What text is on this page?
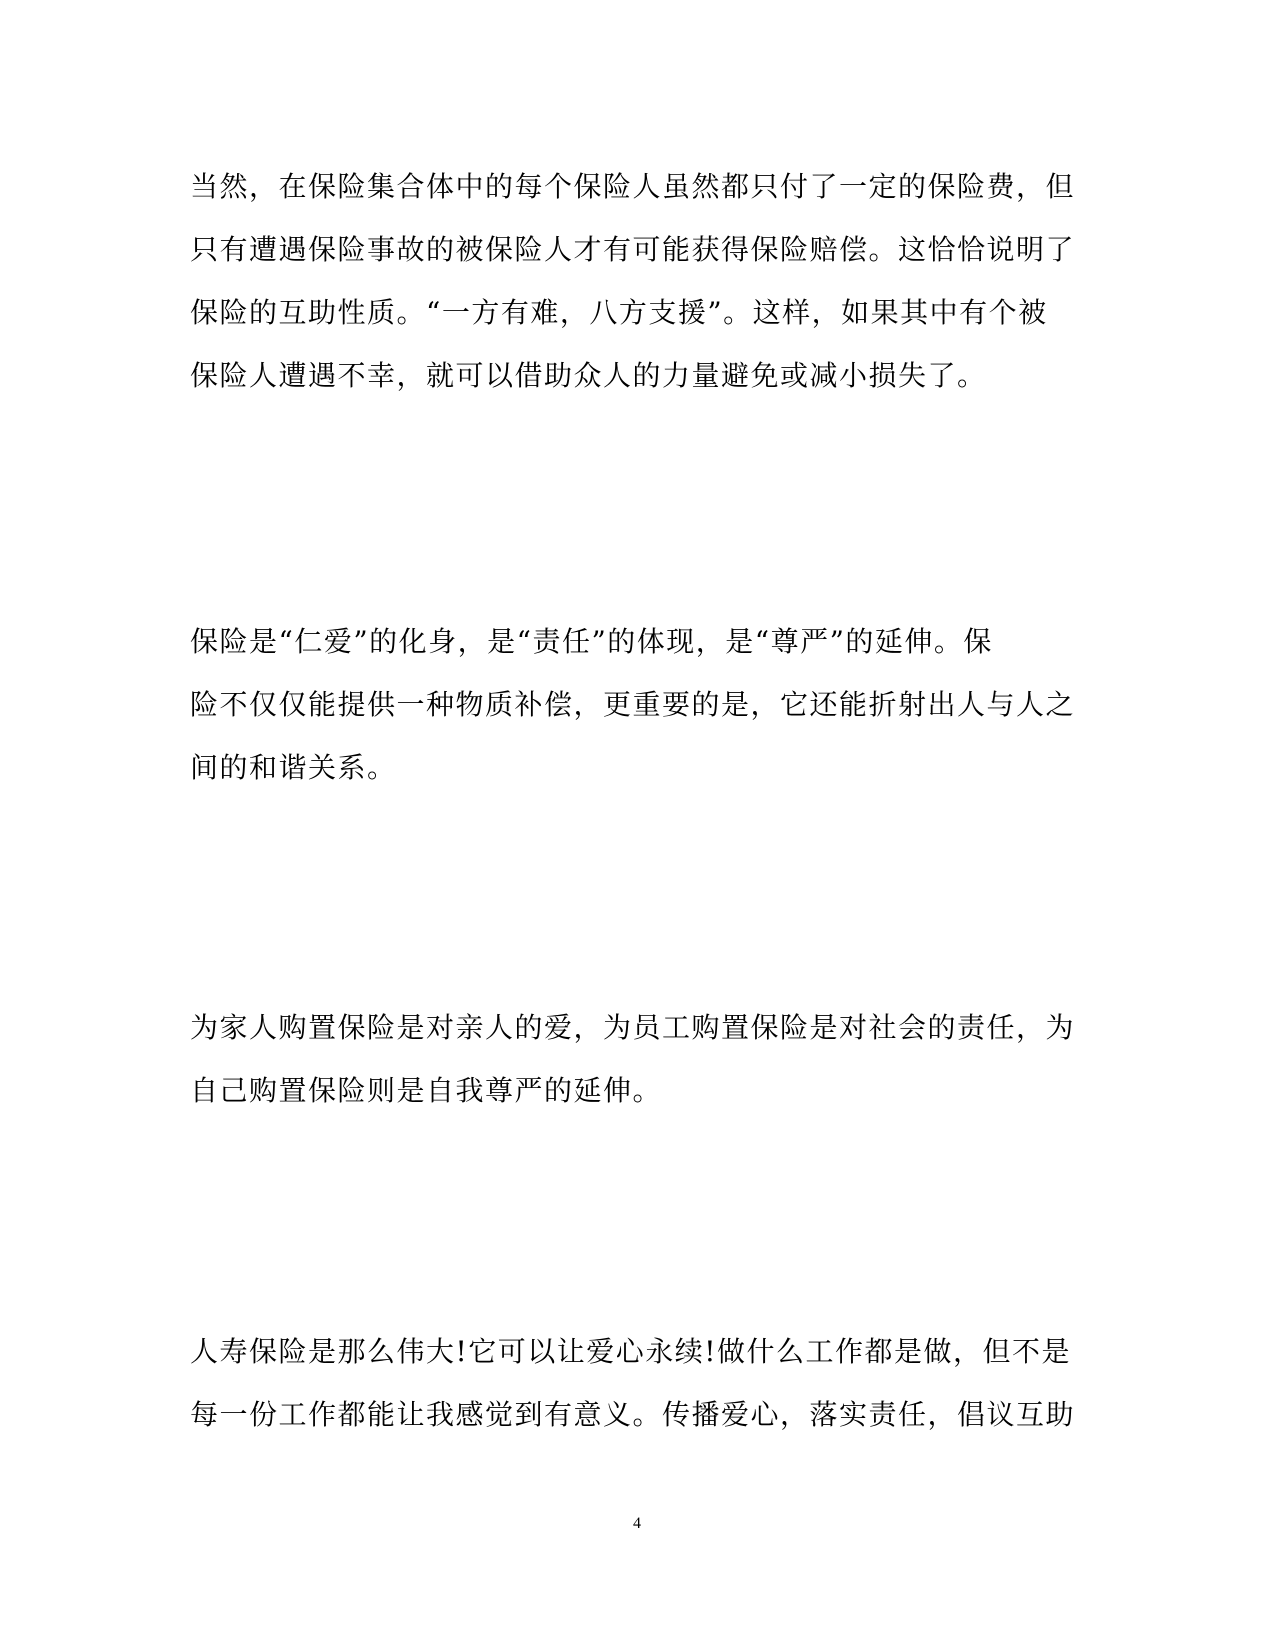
当然，在保险集合体中的每个保险人虽然都只付了一定的保险费，但
只有遭遇保险事故的被保险人才有可能获得保险赔偿。这恰恰说明了
保险的互助性质。“一方有难，八方支援”。这样，如果其中有个被
保险人遭遇不幸，就可以借助众人的力量避免或减小损失了。

保险是“仁爱”的化身，是“责任”的体现，是“尊严”的延伸。保
险不仅仅能提供一种物质补偿，更重要的是，它还能折射出人与人之
间的和谐关系。

为家人购置保险是对亲人的爱，为员工购置保险是对社会的责任，为
自己购置保险则是自我尊严的延伸。

人寿保险是那么伟大!它可以让爱心永续!做什么工作都是做，但不是
每一份工作都能让我感觉到有意义。传播爱心，落实责任，倡议互助

4
